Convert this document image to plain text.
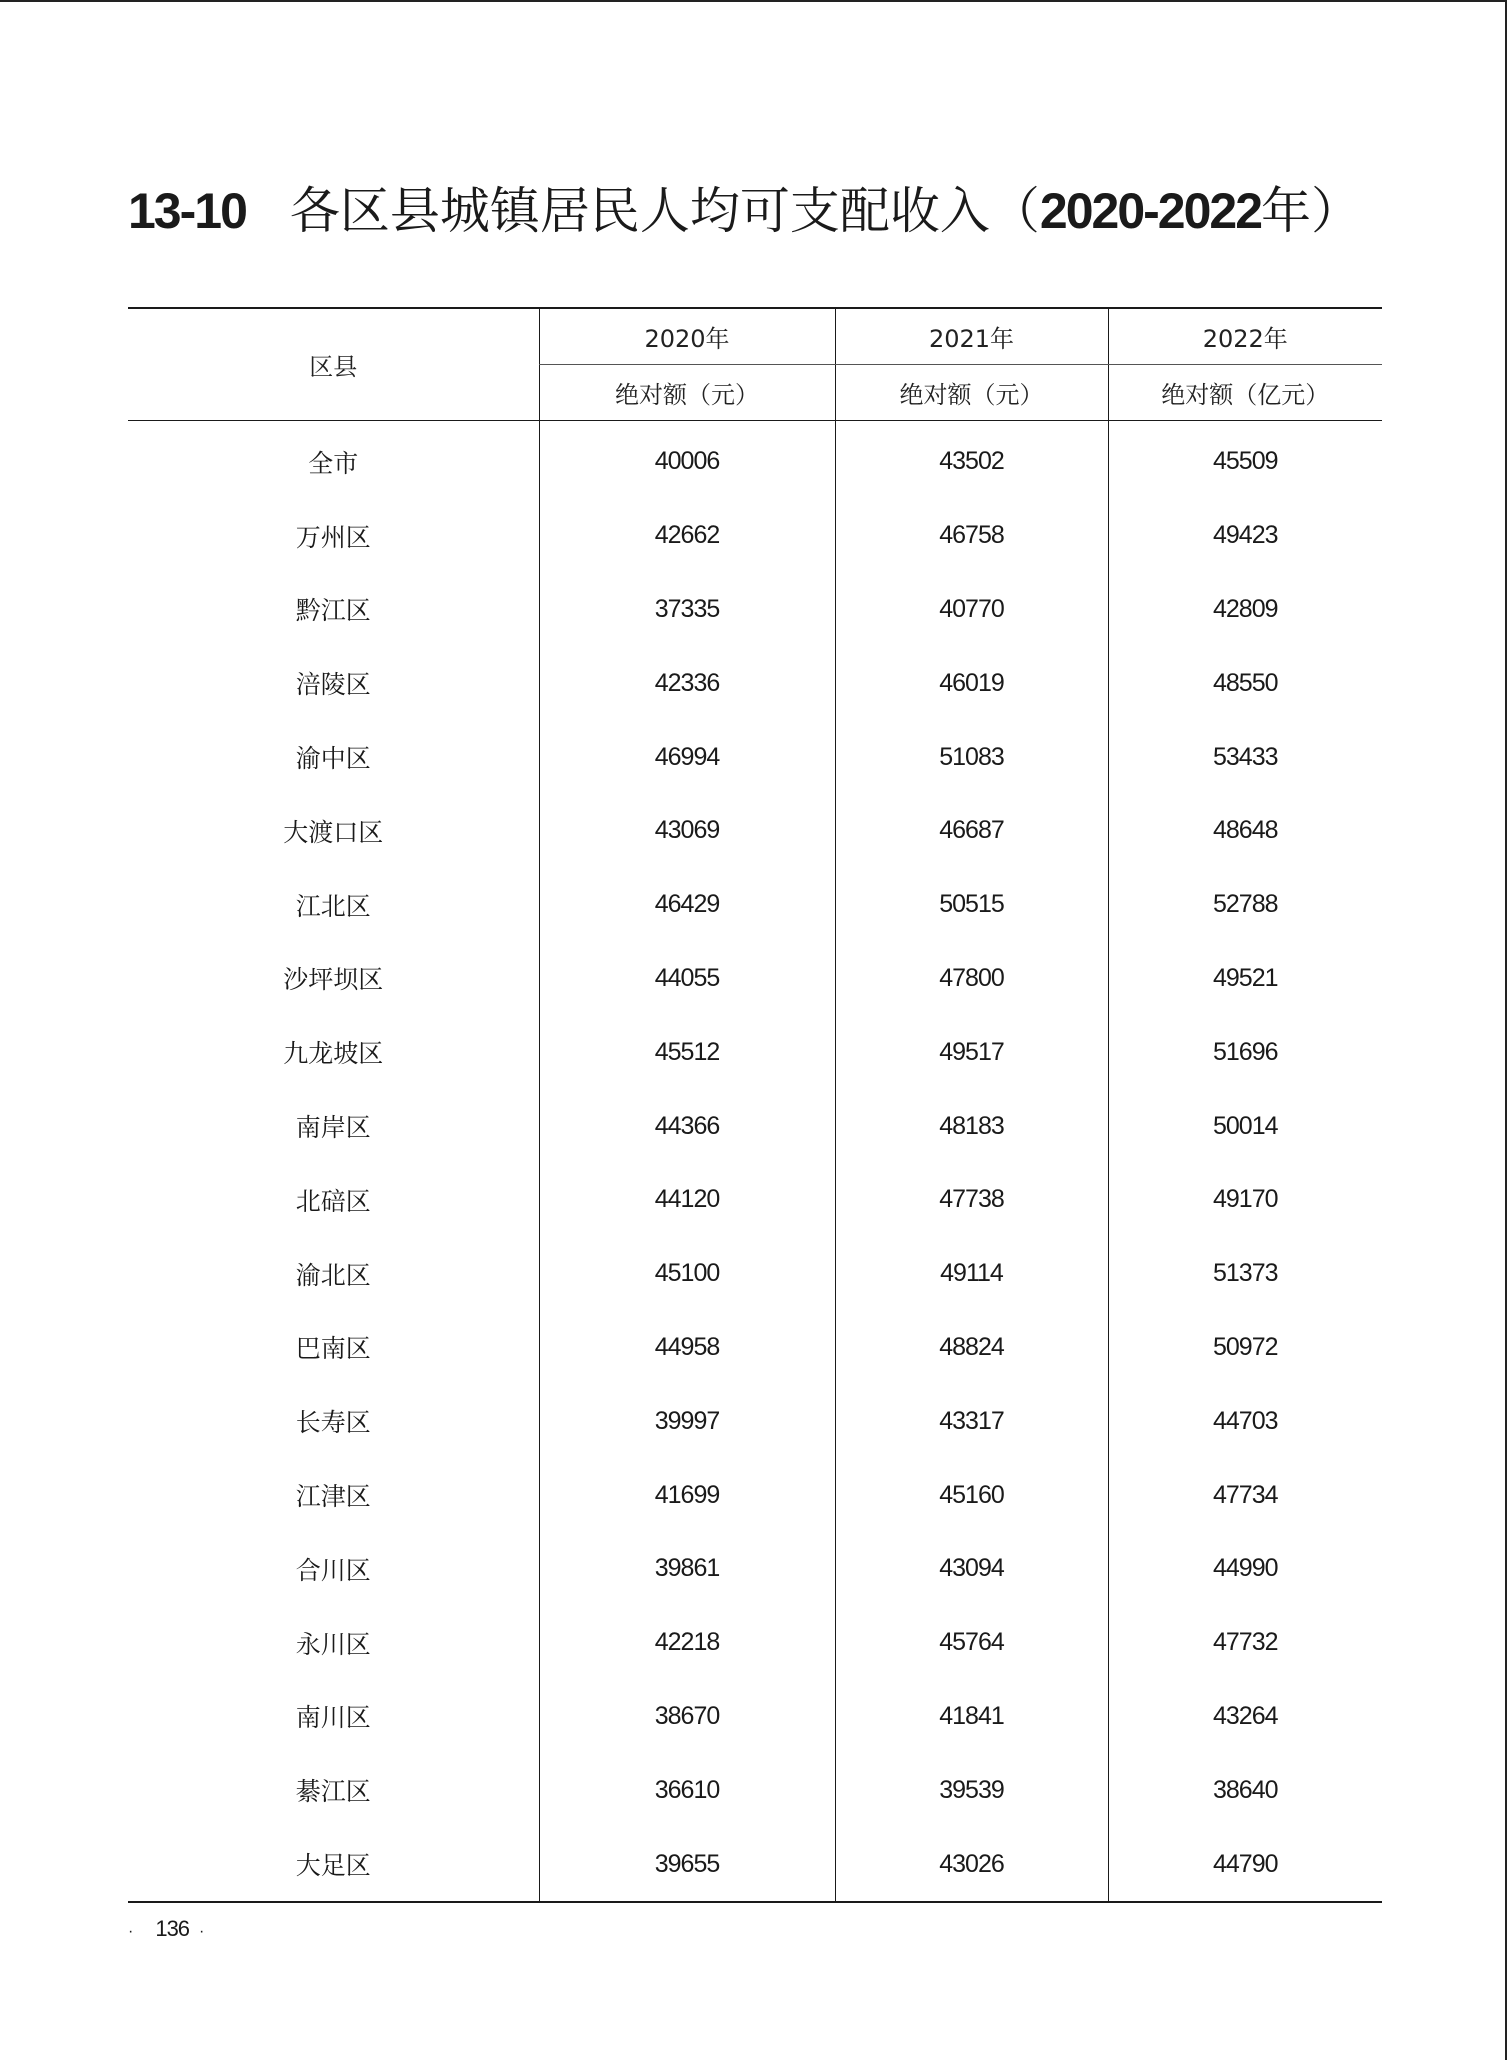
13-10 各区县城镇居民人均可支配收入（2020-2022年）
区县	2020年	2021年	2022年
	绝对额（元）	绝对额（元）	绝对额（亿元）
全市	40006	43502	45509
万州区	42662	46758	49423
黔江区	37335	40770	42809
涪陵区	42336	46019	48550
渝中区	46994	51083	53433
大渡口区	43069	46687	48648
江北区	46429	50515	52788
沙坪坝区	44055	47800	49521
九龙坡区	45512	49517	51696
南岸区	44366	48183	50014
北碚区	44120	47738	49170
渝北区	45100	49114	51373
巴南区	44958	48824	50972
长寿区	39997	43317	44703
江津区	41699	45160	47734
合川区	39861	43094	44990
永川区	42218	45764	47732
南川区	38670	41841	43264
綦江区	36610	39539	38640
大足区	39655	43026	44790
· 136 ·
